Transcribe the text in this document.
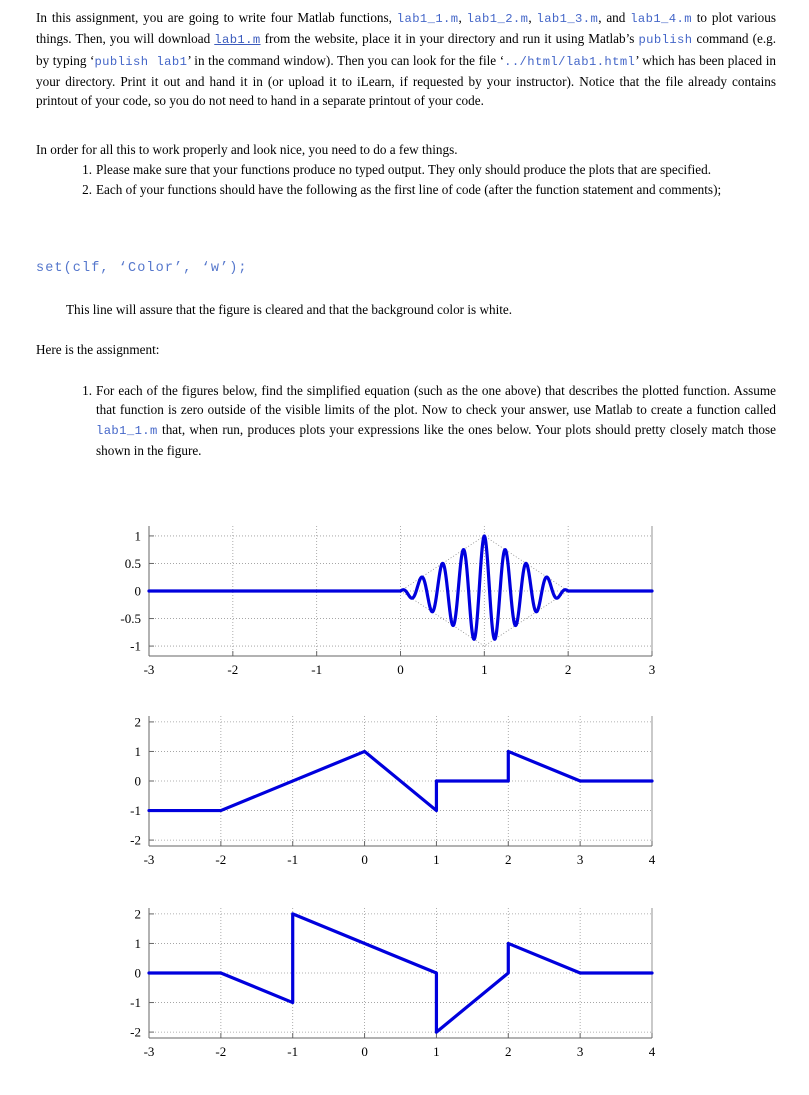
In this assignment, you are going to write four Matlab functions, lab1_1.m, lab1_2.m, lab1_3.m, and lab1_4.m to plot various things. Then, you will download lab1.m from the website, place it in your directory and run it using Matlab’s publish command (e.g. by typing ‘publish lab1’ in the command window). Then you can look for the file ‘../html/lab1.html’ which has been placed in your directory. Print it out and hand it in (or upload it to iLearn, if requested by your instructor). Notice that the file already contains printout of your code, so you do not need to hand in a separate printout of your code.

In order for all this to work properly and look nice, you need to do a few things.

1. Please make sure that your functions produce no typed output. They only should produce the plots that are specified.
2. Each of your functions should have the following as the first line of code (after the function statement and comments);
set(clf, ‘Color’, ‘w’);
This line will assure that the figure is cleared and that the background color is white.
Here is the assignment:
1. For each of the figures below, find the simplified equation (such as the one above) that describes the plotted function. Assume that function is zero outside of the visible limits of the plot. Now to check your answer, use Matlab to create a function called lab1_1.m that, when run, produces plots your expressions like the ones below. Your plots should pretty closely match those shown in the figure.
-1
-0.5
0
0.5
1
-3	-2	-1	0	1	2	3
-2
-1
0
1
2
-3	-2	-1	0	1	2	3	4
-2
-1
0
1
2
-3	-2	-1	0	1	2	3	4
